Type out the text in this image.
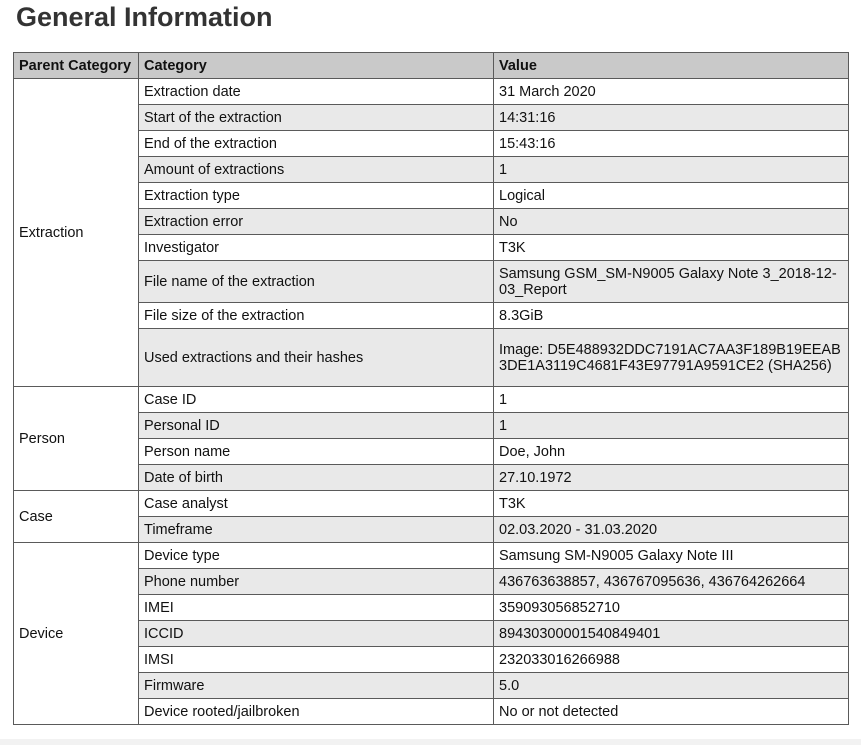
General Information
Parent Category	Category	Value
Extraction	Extraction date	31 March 2020
	Start of the extraction	14:31:16
	End of the extraction	15:43:16
	Amount of extractions	1
	Extraction type	Logical
	Extraction error	No
	Investigator	T3K
	File name of the extraction	Samsung GSM_SM-N9005 Galaxy Note 3_2018-12-03_Report
	File size of the extraction	8.3GiB
	Used extractions and their hashes	Image: D5E488932DDC7191AC7AA3F189B19EEAB3DE1A3119C4681F43E97791A9591CE2 (SHA256)
Person	Case ID	1
	Personal ID	1
	Person name	Doe, John
	Date of birth	27.10.1972
Case	Case analyst	T3K
	Timeframe	02.03.2020 - 31.03.2020
Device	Device type	Samsung SM-N9005 Galaxy Note III
	Phone number	436763638857, 436767095636, 436764262664
	IMEI	359093056852710
	ICCID	89430300001540849401
	IMSI	232033016266988
	Firmware	5.0
	Device rooted/jailbroken	No or not detected
